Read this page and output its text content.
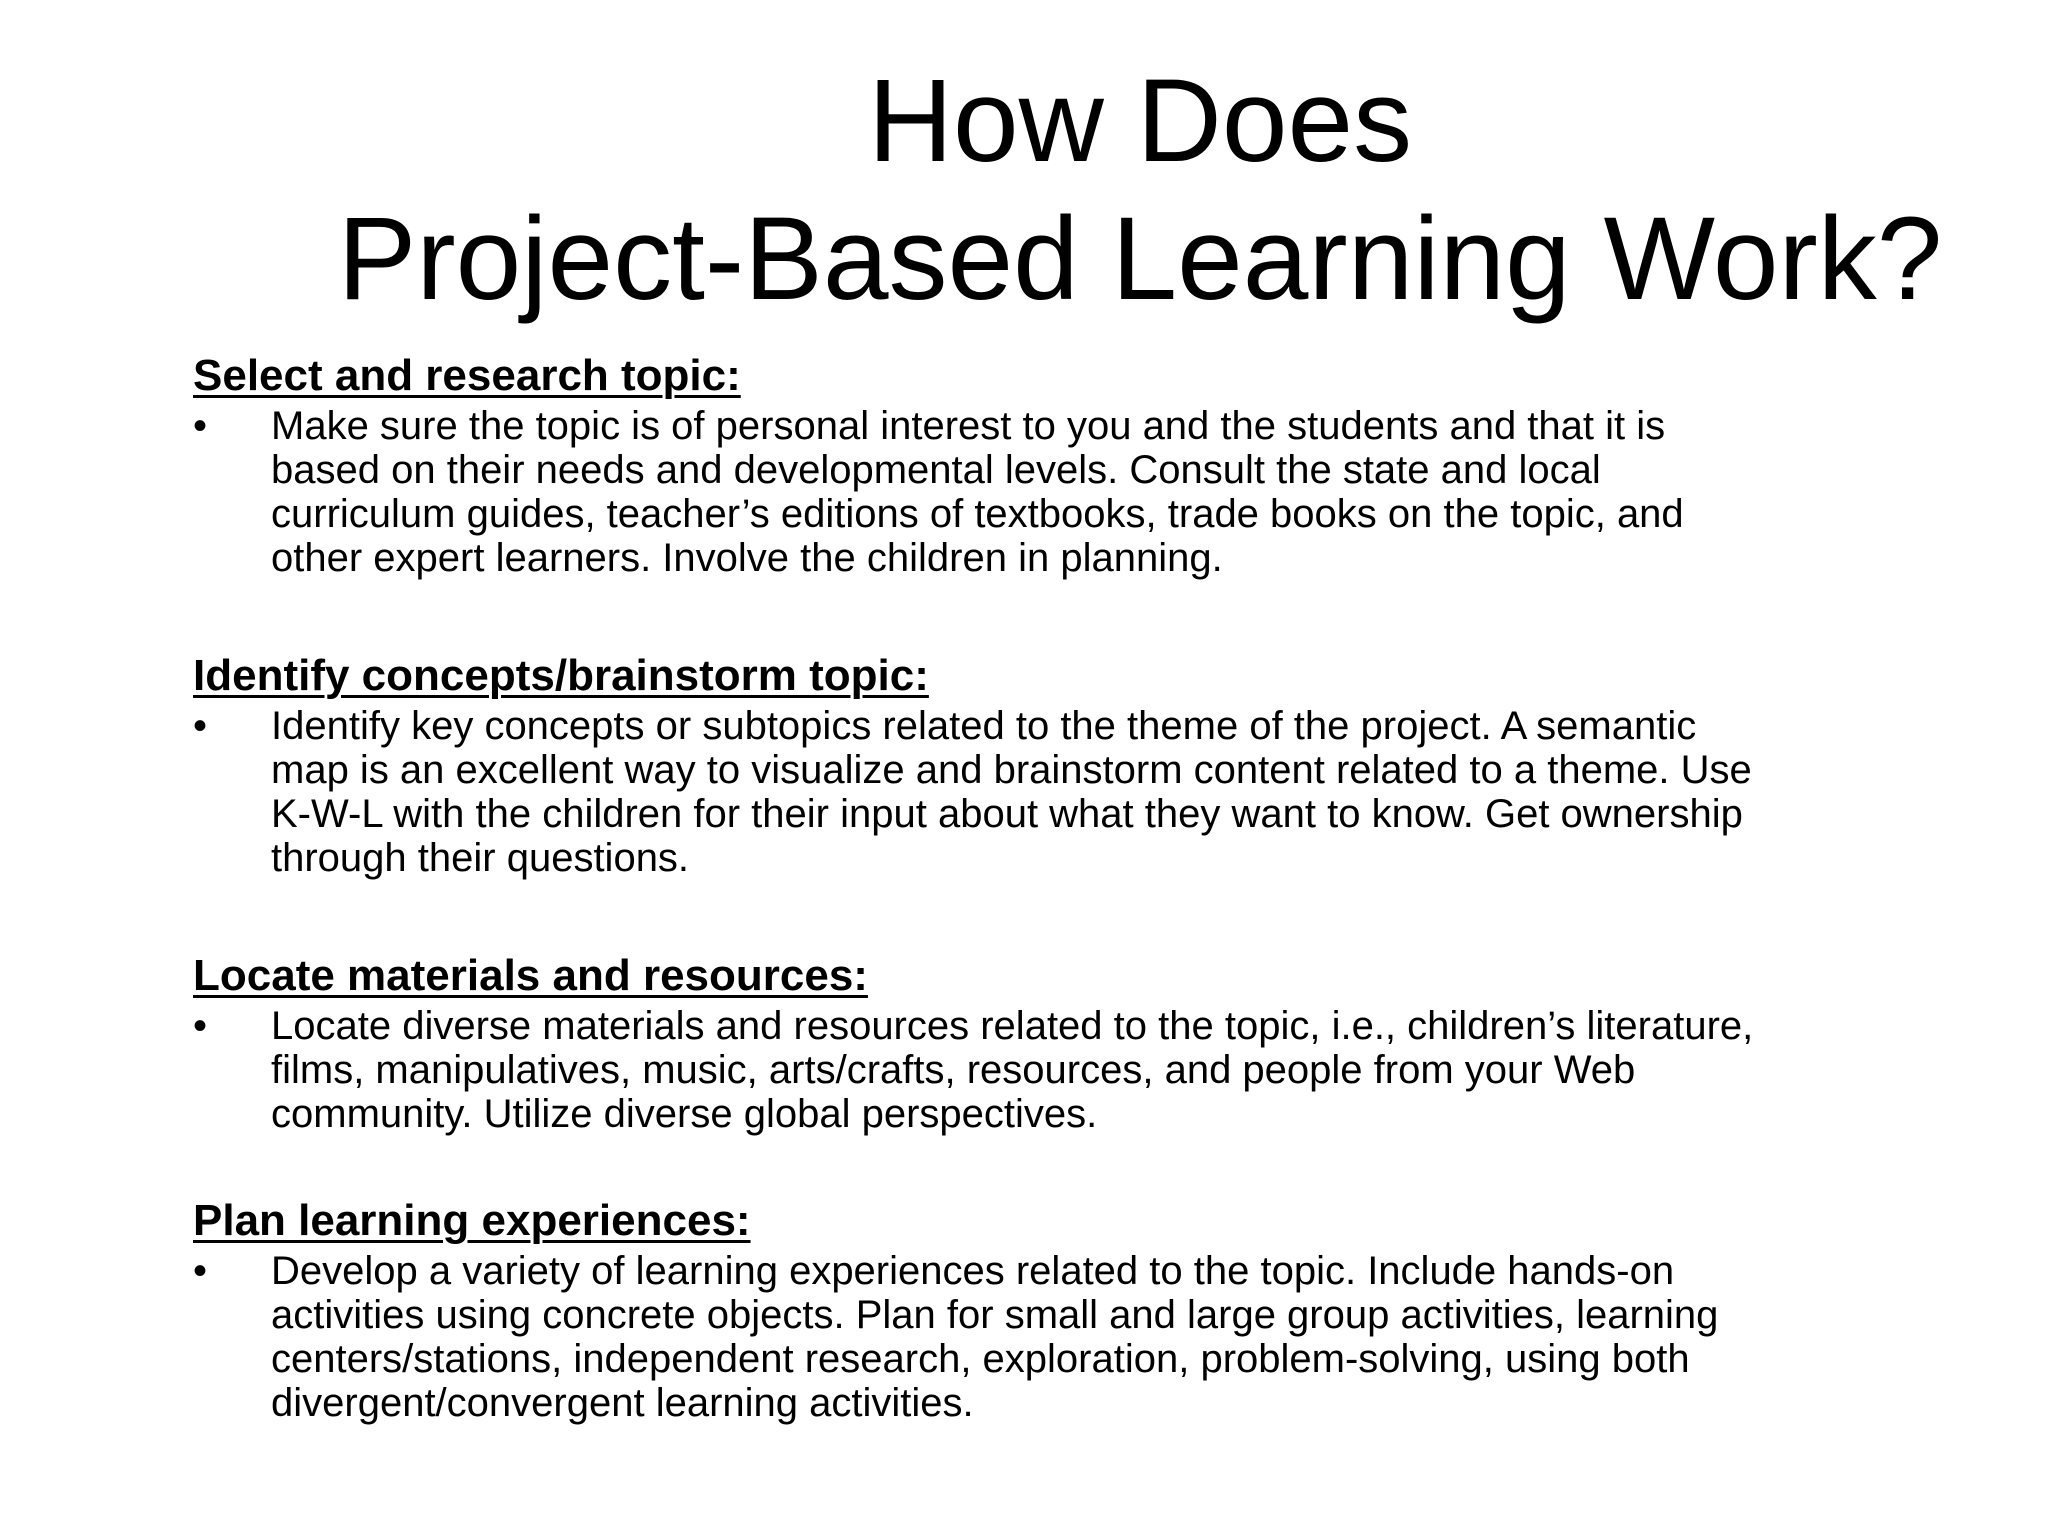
How Does
Project-Based Learning Work?
Select and research topic:
• Make sure the topic is of personal interest to you and the students and that it is
based on their needs and developmental levels. Consult the state and local
curriculum guides, teacher’s editions of textbooks, trade books on the topic, and
other expert learners. Involve the children in planning.

Identify concepts/brainstorm topic:
• Identify key concepts or subtopics related to the theme of the project. A semantic
map is an excellent way to visualize and brainstorm content related to a theme. Use
K-W-L with the children for their input about what they want to know. Get ownership
through their questions.

Locate materials and resources:
• Locate diverse materials and resources related to the topic, i.e., children’s literature,
films, manipulatives, music, arts/crafts, resources, and people from your Web
community. Utilize diverse global perspectives.

Plan learning experiences:
• Develop a variety of learning experiences related to the topic. Include hands-on
activities using concrete objects. Plan for small and large group activities, learning
centers/stations, independent research, exploration, problem-solving, using both
divergent/convergent learning activities.
